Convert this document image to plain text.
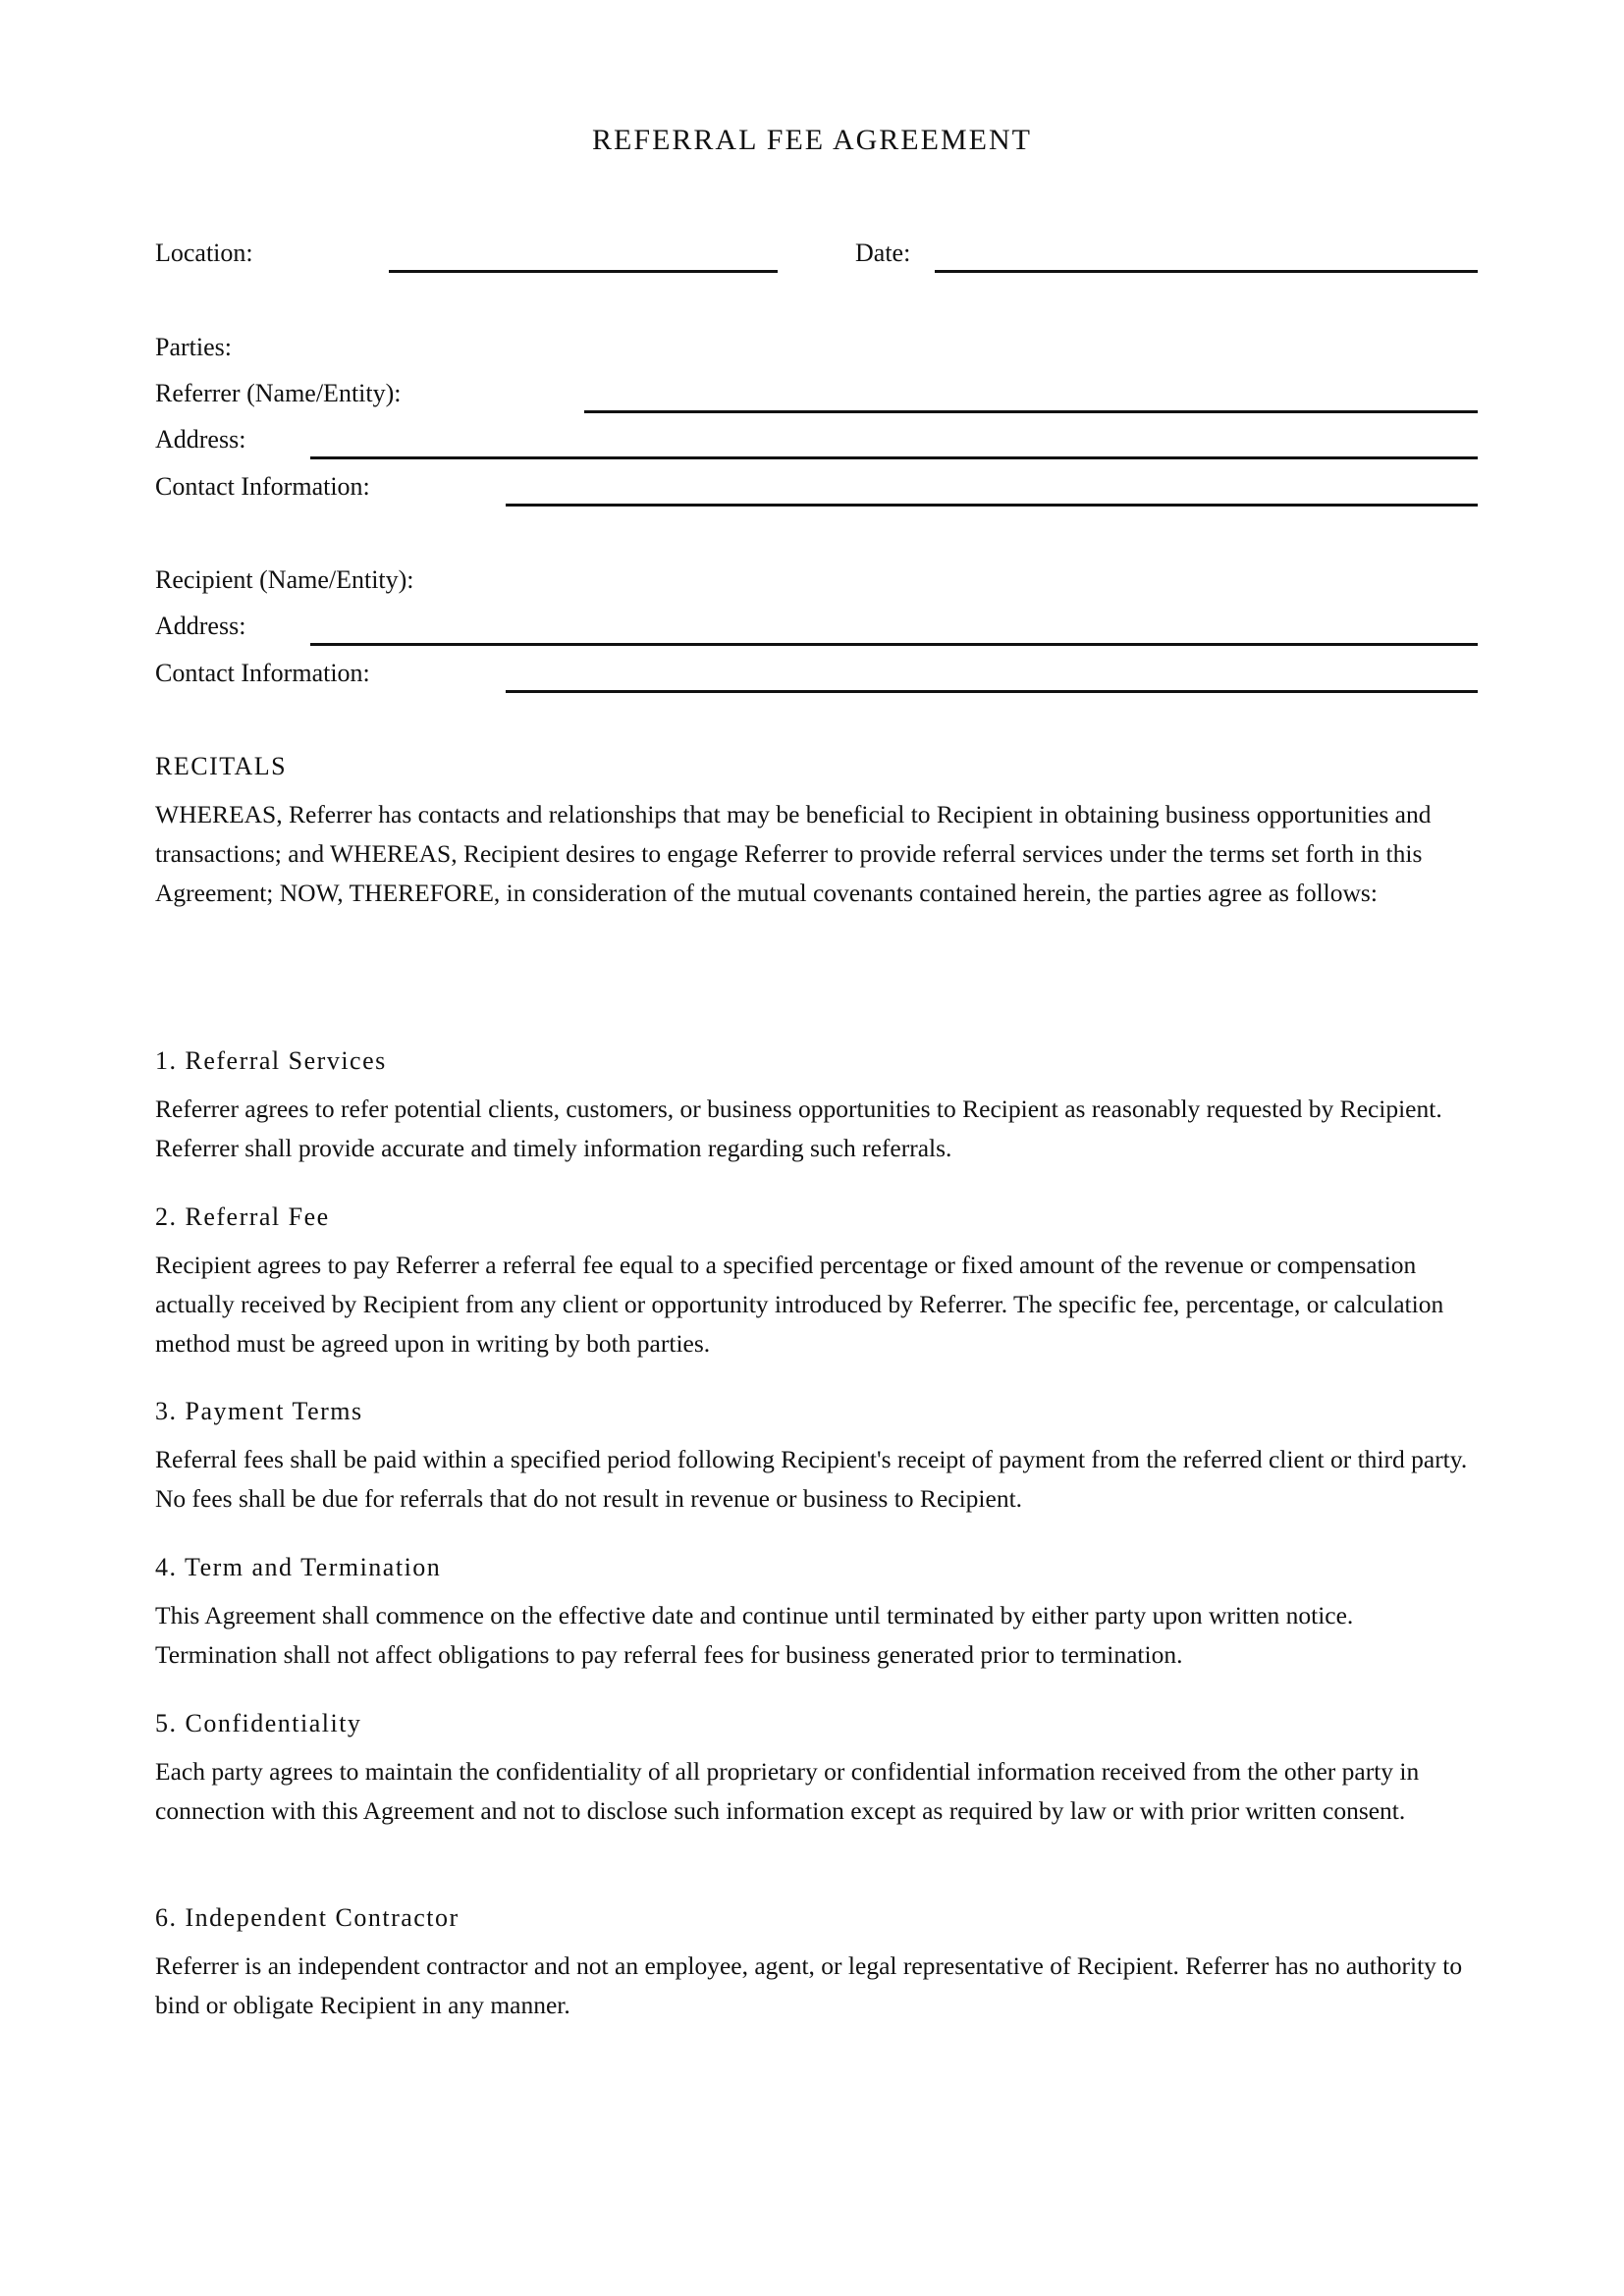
REFERRAL FEE AGREEMENT
Location:	Date:
Parties:
Referrer (Name/Entity):
Address:
Contact Information:
Recipient (Name/Entity):
Address:
Contact Information:
RECITALS
WHEREAS, Referrer has contacts and relationships that may be beneficial to Recipient in obtaining business opportunities and transactions; and WHEREAS, Recipient desires to engage Referrer to provide referral services under the terms set forth in this Agreement; NOW, THEREFORE, in consideration of the mutual covenants contained herein, the parties agree as follows:
1. Referral Services
Referrer agrees to refer potential clients, customers, or business opportunities to Recipient as reasonably requested by Recipient. Referrer shall provide accurate and timely information regarding such referrals.
2. Referral Fee
Recipient agrees to pay Referrer a referral fee equal to a specified percentage or fixed amount of the revenue or compensation actually received by Recipient from any client or opportunity introduced by Referrer. The specific fee, percentage, or calculation method must be agreed upon in writing by both parties.
3. Payment Terms
Referral fees shall be paid within a specified period following Recipient's receipt of payment from the referred client or third party. No fees shall be due for referrals that do not result in revenue or business to Recipient.
4. Term and Termination
This Agreement shall commence on the effective date and continue until terminated by either party upon written notice. Termination shall not affect obligations to pay referral fees for business generated prior to termination.
5. Confidentiality
Each party agrees to maintain the confidentiality of all proprietary or confidential information received from the other party in connection with this Agreement and not to disclose such information except as required by law or with prior written consent.
6. Independent Contractor
Referrer is an independent contractor and not an employee, agent, or legal representative of Recipient. Referrer has no authority to bind or obligate Recipient in any manner.
